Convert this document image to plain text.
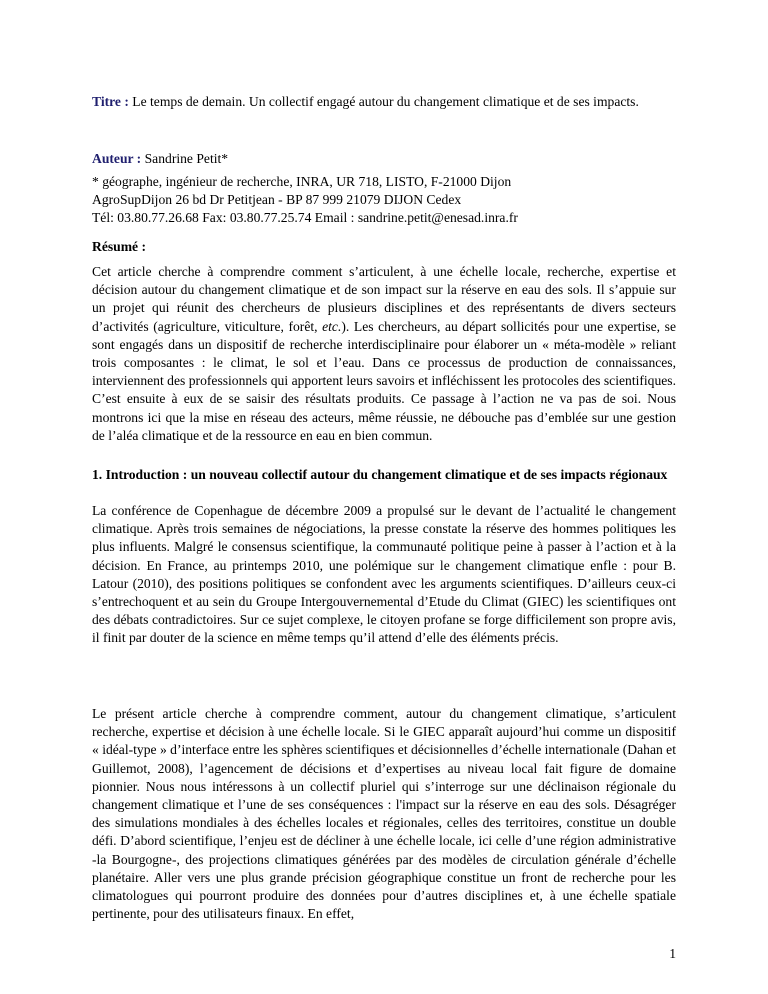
Titre : Le temps de demain. Un collectif engagé autour du changement climatique et de ses impacts.

Auteur : Sandrine Petit*

* géographe, ingénieur de recherche, INRA, UR 718, LISTO, F-21000 Dijon
AgroSupDijon 26 bd Dr Petitjean - BP 87 999 21079 DIJON Cedex
Tél: 03.80.77.26.68 Fax: 03.80.77.25.74 Email : sandrine.petit@enesad.inra.fr

Résumé :

Cet article cherche à comprendre comment s’articulent, à une échelle locale, recherche, expertise et décision autour du changement climatique et de son impact sur la réserve en eau des sols. Il s’appuie sur un projet qui réunit des chercheurs de plusieurs disciplines et des représentants de divers secteurs d’activités (agriculture, viticulture, forêt, etc.). Les chercheurs, au départ sollicités pour une expertise, se sont engagés dans un dispositif de recherche interdisciplinaire pour élaborer un « méta-modèle » reliant trois composantes : le climat, le sol et l’eau. Dans ce processus de production de connaissances, interviennent des professionnels qui apportent leurs savoirs et infléchissent les protocoles des scientifiques. C’est ensuite à eux de se saisir des résultats produits. Ce passage à l’action ne va pas de soi. Nous montrons ici que la mise en réseau des acteurs, même réussie, ne débouche pas d’emblée sur une gestion de l’aléa climatique et de la ressource en eau en bien commun.

1. Introduction : un nouveau collectif autour du changement climatique et de ses impacts régionaux

La conférence de Copenhague de décembre 2009 a propulsé sur le devant de l’actualité le changement climatique. Après trois semaines de négociations, la presse constate la réserve des hommes politiques les plus influents. Malgré le consensus scientifique, la communauté politique peine à passer à l’action et à la décision. En France, au printemps 2010, une polémique sur le changement climatique enfle : pour B. Latour (2010), des positions politiques se confondent avec les arguments scientifiques. D’ailleurs ceux-ci s’entrechoquent et au sein du Groupe Intergouvernemental d’Etude du Climat (GIEC) les scientifiques ont des débats contradictoires. Sur ce sujet complexe, le citoyen profane se forge difficilement son propre avis, il finit par douter de la science en même temps qu’il attend d’elle des éléments précis.

Le présent article cherche à comprendre comment, autour du changement climatique, s’articulent recherche, expertise et décision à une échelle locale. Si le GIEC apparaît aujourd’hui comme un dispositif « idéal-type » d’interface entre les sphères scientifiques et décisionnelles d’échelle internationale (Dahan et Guillemot, 2008), l’agencement de décisions et d’expertises au niveau local fait figure de domaine pionnier. Nous nous intéressons à un collectif pluriel qui s’interroge sur une déclinaison régionale du changement climatique et l’une de ses conséquences : l'impact sur la réserve en eau des sols. Désagréger des simulations mondiales à des échelles locales et régionales, celles des territoires, constitue un double défi. D’abord scientifique, l’enjeu est de décliner à une échelle locale, ici celle d’une région administrative -la Bourgogne-, des projections climatiques générées par des modèles de circulation générale d’échelle planétaire. Aller vers une plus grande précision géographique constitue un front de recherche pour les climatologues qui pourront produire des données pour d’autres disciplines et, à une échelle spatiale pertinente, pour des utilisateurs finaux. En effet,

1
